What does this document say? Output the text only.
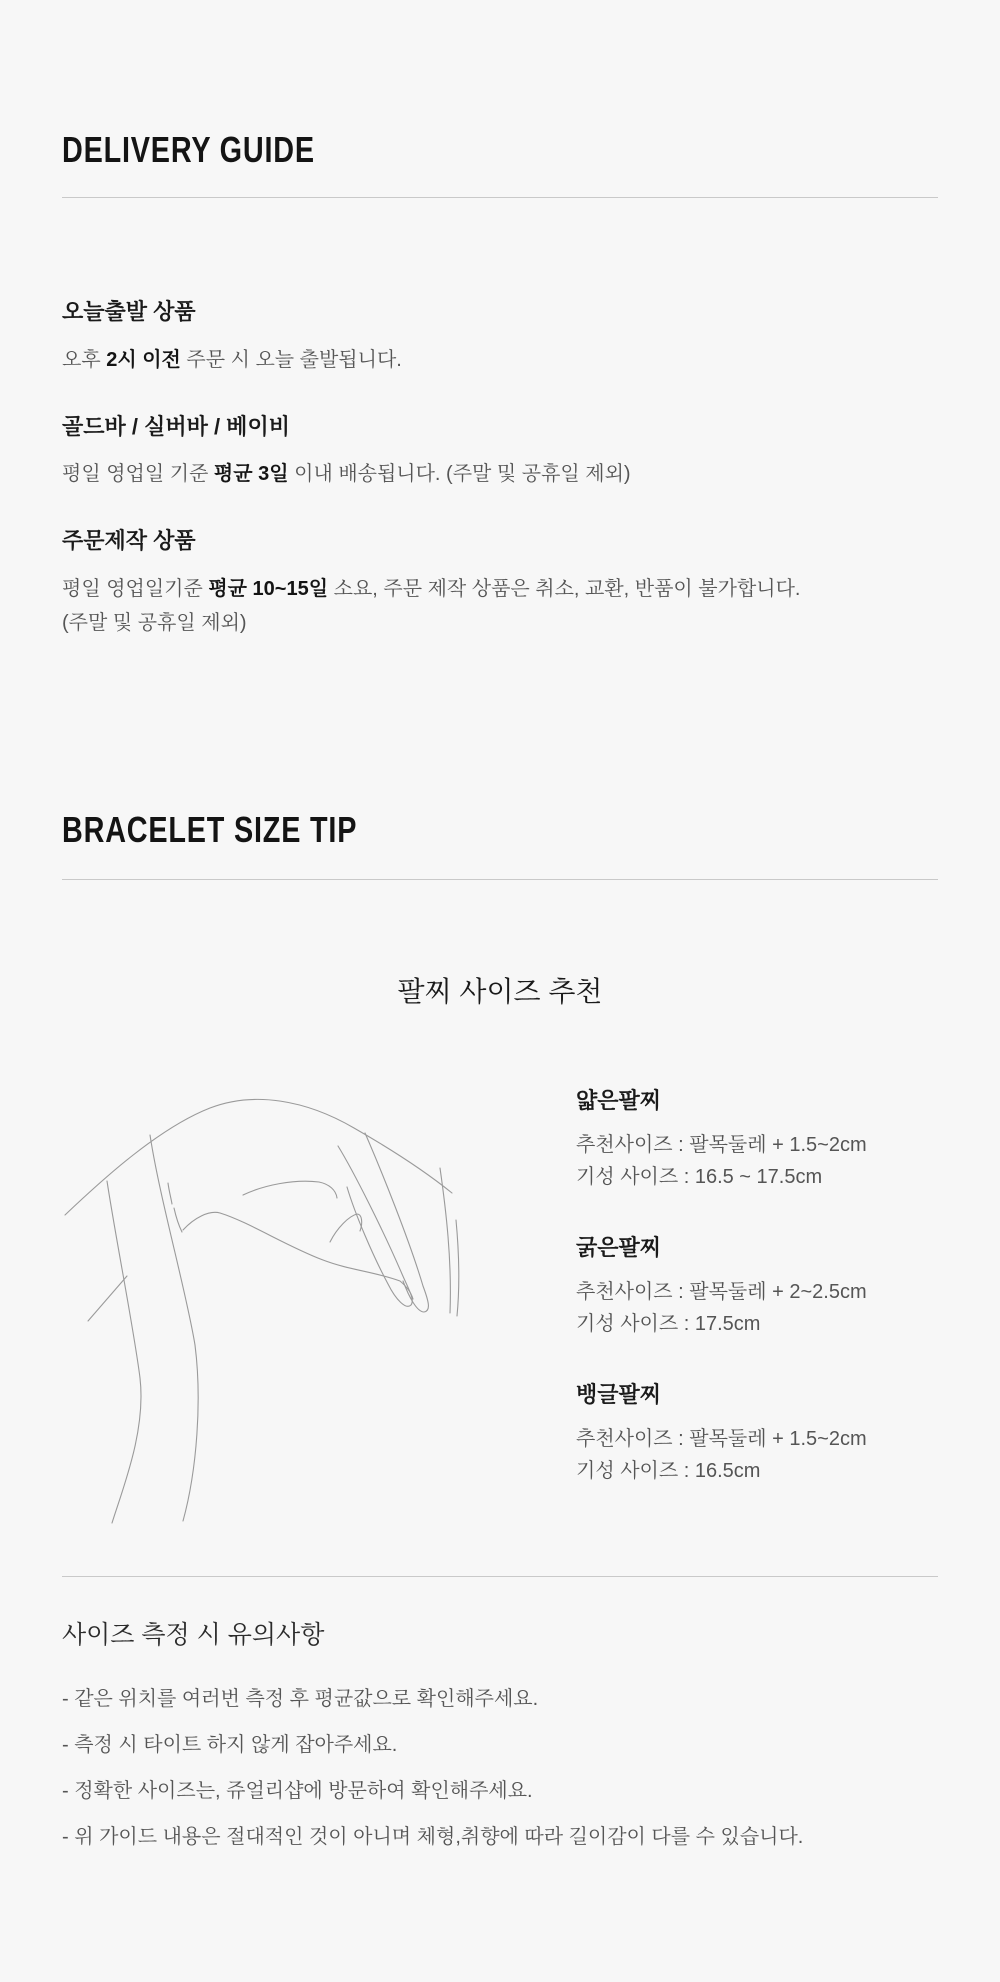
DELIVERY GUIDE
오늘출발 상품

오후 2시 이전 주문 시 오늘 출발됩니다.

골드바 / 실버바 / 베이비

평일 영업일 기준 평균 3일 이내 배송됩니다. (주말 및 공휴일 제외)

주문제작 상품

평일 영업일기준 평균 10~15일 소요, 주문 제작 상품은 취소, 교환, 반품이 불가합니다.
(주말 및 공휴일 제외)

BRACELET SIZE TIP

팔찌 사이즈 추천

얇은팔찌

추천사이즈 : 팔목둘레 + 1.5~2cm
기성 사이즈 : 16.5 ~ 17.5cm

굵은팔찌

추천사이즈 : 팔목둘레 + 2~2.5cm
기성 사이즈 : 17.5cm

뱅글팔찌

추천사이즈 : 팔목둘레 + 1.5~2cm
기성 사이즈 : 16.5cm

사이즈 측정 시 유의사항
- 같은 위치를 여러번 측정 후 평균값으로 확인해주세요.
- 측정 시 타이트 하지 않게 잡아주세요.
- 정확한 사이즈는, 쥬얼리샵에 방문하여 확인해주세요.
- 위 가이드 내용은 절대적인 것이 아니며 체형,취향에 따라 길이감이 다를 수 있습니다.
